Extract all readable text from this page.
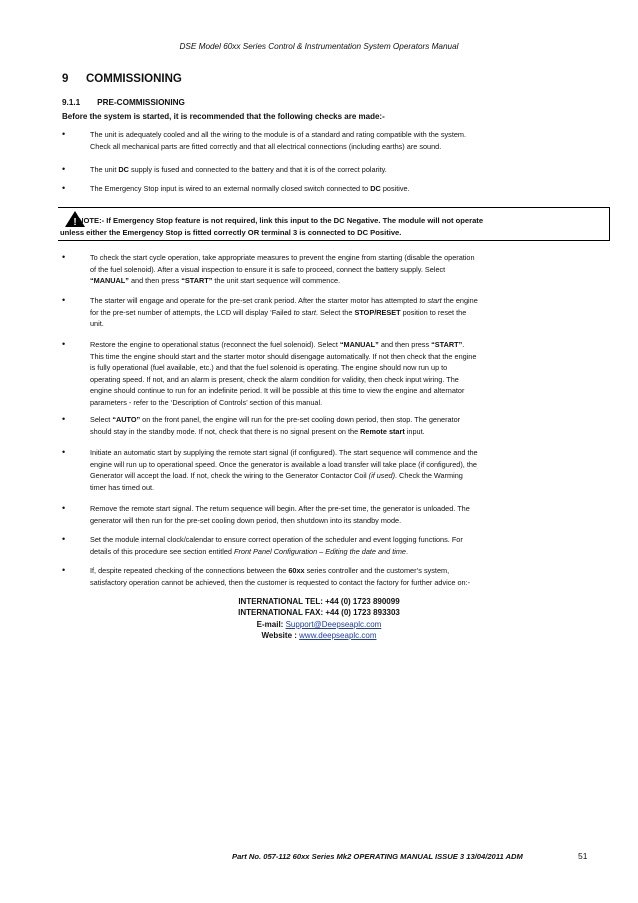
DSE Model 60xx Series Control & Instrumentation System Operators Manual
9 COMMISSIONING
9.1.1 PRE-COMMISSIONING
Before the system is started, it is recommended that the following checks are made:-
•	The unit is adequately cooled and all the wiring to the module is of a standard and rating compatible with the system.
Check all mechanical parts are fitted correctly and that all electrical connections (including earths) are sound.
•	The unit DC supply is fused and connected to the battery and that it is of the correct polarity.
•	The Emergency Stop input is wired to an external normally closed switch connected to DC positive.
! NOTE:- If Emergency Stop feature is not required, link this input to the DC Negative. The module will not operate
unless either the Emergency Stop is fitted correctly OR terminal 3 is connected to DC Positive.
•	To check the start cycle operation, take appropriate measures to prevent the engine from starting (disable the operation
of the fuel solenoid). After a visual inspection to ensure it is safe to proceed, connect the battery supply. Select
“MANUAL” and then press “START” the unit start sequence will commence.
•	The starter will engage and operate for the pre-set crank period. After the starter motor has attempted to start the engine
for the pre-set number of attempts, the LCD will display ‘Failed to start. Select the STOP/RESET position to reset the
unit.
•	Restore the engine to operational status (reconnect the fuel solenoid). Select “MANUAL” and then press “START”.
This time the engine should start and the starter motor should disengage automatically. If not then check that the engine
is fully operational (fuel available, etc.) and that the fuel solenoid is operating. The engine should now run up to
operating speed. If not, and an alarm is present, check the alarm condition for validity, then check input wiring. The
engine should continue to run for an indefinite period. It will be possible at this time to view the engine and alternator
parameters - refer to the ‘Description of Controls’ section of this manual.
•	Select “AUTO” on the front panel, the engine will run for the pre-set cooling down period, then stop. The generator
should stay in the standby mode. If not, check that there is no signal present on the Remote start input.
•	Initiate an automatic start by supplying the remote start signal (if configured). The start sequence will commence and the
engine will run up to operational speed. Once the generator is available a load transfer will take place (if configured), the
Generator will accept the load. If not, check the wiring to the Generator Contactor Coil (if used). Check the Warming
timer has timed out.
•	Remove the remote start signal. The return sequence will begin. After the pre-set time, the generator is unloaded. The
generator will then run for the pre-set cooling down period, then shutdown into its standby mode.
•	Set the module internal clock/calendar to ensure correct operation of the scheduler and event logging functions. For
details of this procedure see section entitled Front Panel Configuration – Editing the date and time.
•	If, despite repeated checking of the connections between the 60xx series controller and the customer’s system,
satisfactory operation cannot be achieved, then the customer is requested to contact the factory for further advice on:-
INTERNATIONAL TEL: +44 (0) 1723 890099
INTERNATIONAL FAX: +44 (0) 1723 893303
E-mail: Support@Deepseaplc.com
Website : www.deepseaplc.com
Part No. 057-112 60xx Series Mk2 OPERATING MANUAL ISSUE 3 13/04/2011 ADM	51
